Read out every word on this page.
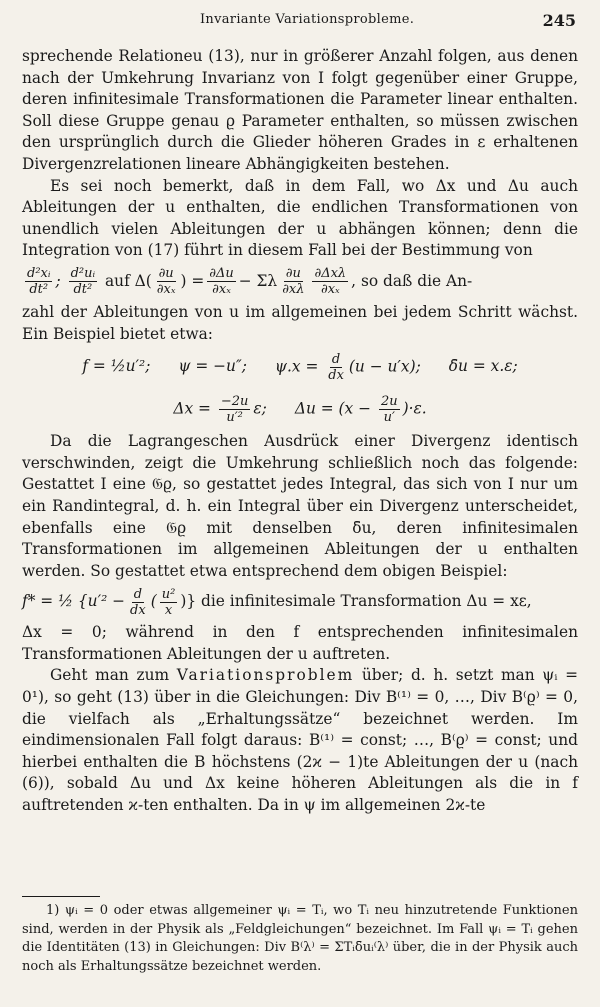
Invariante Variationsprobleme.	245

sprechende Relationeu (13), nur in größerer Anzahl folgen, aus denen nach der Umkehrung Invarianz von I folgt gegenüber einer Gruppe, deren infinitesimale Transformationen die Parameter linear enthalten. Soll diese Gruppe genau ϱ Parameter enthalten, so müssen zwischen den ursprünglich durch die Glieder höheren Grades in ε erhaltenen Divergenzrelationen lineare Abhängigkeiten bestehen.

Es sei noch bemerkt, daß in dem Fall, wo Δx und Δu auch Ableitungen der u enthalten, die endlichen Transformationen von unendlich vielen Ableitungen der u abhängen können; denn die Integration von (17) führt in diesem Fall bei der Bestimmung von

$\frac{\text{d²xᵢ}}{\text{dt²}}$ ; $\frac{\text{d²uᵢ}}{\text{dt²}}$
auf $\Delta( \frac{\partial u}{\text{∂xₓ}}$ ) = $\frac{\partial\Delta u}{\text{∂xₓ}} - \Sigma\lambda \frac{\partial u}{\partial x\lambda} \frac{\text{∂Δxλ}}{\text{∂xₓ}}$ , so daß die An-

zahl der Ableitungen von u im allgemeinen bei jedem Schritt wächst. Ein Beispiel bietet etwa:

f = ½u′²; ψ = −u″; $\psi.x = \frac{d}{dx} (u - u'x)$; δ̄u = x.ε;
$\Delta x = \frac{-2u}{\text{u′²}} \varepsilon$; $\Delta u = (x - \frac{2u}{u'} )\cdot\varepsilon$.

Da die Lagrangeschen Ausdrück einer Divergenz identisch verschwinden, zeigt die Umkehrung schließlich noch das folgende: Gestattet I eine 𝔊ϱ, so gestattet jedes Integral, das sich von I nur um ein Randintegral, d. h. ein Integral über ein Divergenz unterscheidet, ebenfalls eine 𝔊ϱ mit denselben δ̄u, deren infinitesimalen Transformationen im allgemeinen Ableitungen der u enthalten werden. So gestattet etwa entsprechend dem obigen Beispiel:

f* = ½ {$u'^2 - \frac{d}{dx}$ ( $\frac{\text{u²}}{x}$ )} die infinitesimale Transformation Δu = xε,

Δx = 0; während in den f entsprechenden infinitesimalen Transformationen Ableitungen der u auftreten.

Geht man zum Variationsproblem über; d. h. setzt man ψᵢ = 0¹), so geht (13) über in die Gleichungen: Div B⁽¹⁾ = 0, …, Div B⁽ϱ⁾ = 0, die vielfach als „Erhaltungssätze“ bezeichnet werden. Im eindimensionalen Fall folgt daraus: B⁽¹⁾ = const; …, B⁽ϱ⁾ = const; und hierbei enthalten die B höchstens (2ϰ − 1)te Ableitungen der u (nach (6)), sobald Δu und Δx keine höheren Ableitungen als die in f auftretenden ϰ-ten enthalten. Da in ψ im allgemeinen 2ϰ-te

1) ψᵢ = 0 oder etwas allgemeiner ψᵢ = Tᵢ, wo Tᵢ neu hinzutretende Funktionen sind, werden in der Physik als „Feldgleichungen“ bezeichnet. Im Fall ψᵢ = Tᵢ gehen die Identitäten (13) in Gleichungen: Div B⁽λ⁾ = ΣTᵢδ̄uᵢ⁽λ⁾ über, die in der Physik auch noch als Erhaltungssätze bezeichnet werden.
